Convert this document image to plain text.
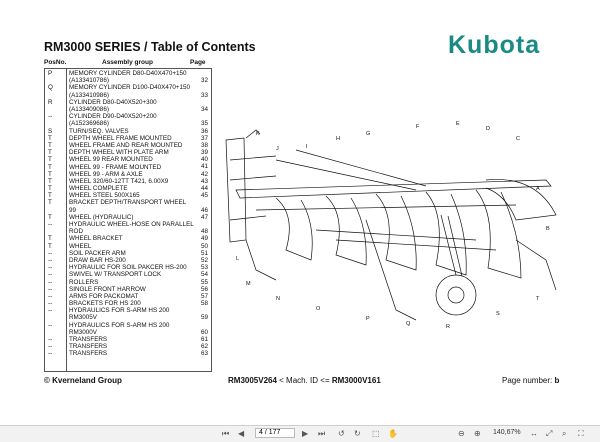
RM3000 SERIES / Table of Contents	Kubota
PosNo.	Assembly group	Page
P	MEMORY CYLINDER D80-D40X470+150 (A133410786)	32
Q	MEMORY CYLINDER D100-D40X470+150 (A133410986)	33
R	CYLINDER D80-D40X520+300 (A133409086)	34
--	CYLINDER D90-D40X520+200 (A152369686)	35
S	TURN/SEQ. VALVES	36
T	DEPTH WHEEL FRAME MOUNTED	37
T	WHEEL FRAME AND REAR MOUNTED	38
T	DEPTH WHEEL WITH PLATE ARM	39
T	WHEEL 99 REAR MOUNTED	40
T	WHEEL 99 - FRAME MOUNTED	41
T	WHEEL 99 - ARM & AXLE	42
T	WHEEL 320/60-12TT T421, 6.00X9	43
T	WHEEL COMPLETE	44
T	WHEEL STEEL 500X165	45
T	BRACKET DEPTH/TRANSPORT WHEEL 99	46
T	WHEEL (HYDRAULIC)	47
--	HYDRAULIC WHEEL-HOSE ON PARALLEL ROD	48
T	WHEEL BRACKET	49
T	WHEEL	50
--	SOIL PACKER ARM	51
--	DRAW BAR HS-200	52
--	HYDRAULIC FOR SOIL PAKCER HS-200	53
--	SWIVEL W/ TRANSPORT LOCK	54
--	ROLLERS	55
--	SINGLE FRONT HARROW	56
--	ARMS FOR PACKOMAT	57
--	BRACKETS FOR HS 200	58
--	HYDRAULICS FOR S-ARM HS 200 RM3005V	59
--	HYDRAULICS FOR S-ARM HS 200 RM3000V	60
--	TRANSFERS	61
--	TRANSFERS	62
--	TRANSFERS	63
A
B
C
D
E
F
G
H
I
J
K
L
M
N
O
P
Q	R
S
T
© Kverneland Group	RM3005V264 < Mach. ID <= RM3000V161	Page number: b
⏮ ◀
4 / 177	▶ ⏭ ↺ ↻ ⬚ ✋	⊖ ⊕ 140,67% ↔ ⤢ ⌕ ⛶
